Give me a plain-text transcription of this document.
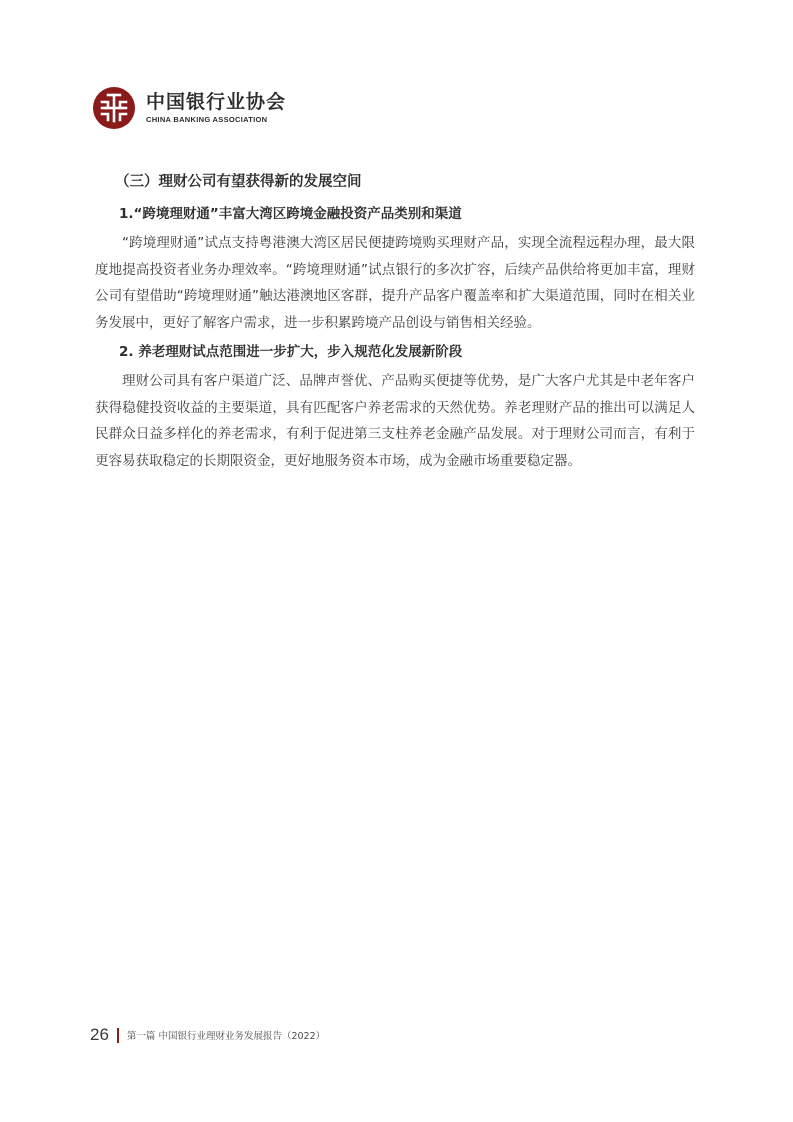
中国银行业协会
CHINA BANKING ASSOCIATION
（三）理财公司有望获得新的发展空间
1.“跨境理财通”丰富大湾区跨境金融投资产品类别和渠道

“跨境理财通”试点支持粤港澳大湾区居民便捷跨境购买理财产品，实现全流程远程办理，最大限度地提高投资者业务办理效率。“跨境理财通”试点银行的多次扩容，后续产品供给将更加丰富，理财公司有望借助“跨境理财通”触达港澳地区客群，提升产品客户覆盖率和扩大渠道范围，同时在相关业务发展中，更好了解客户需求，进一步积累跨境产品创设与销售相关经验。

2. 养老理财试点范围进一步扩大，步入规范化发展新阶段

理财公司具有客户渠道广泛、品牌声誉优、产品购买便捷等优势，是广大客户尤其是中老年客户获得稳健投资收益的主要渠道，具有匹配客户养老需求的天然优势。养老理财产品的推出可以满足人民群众日益多样化的养老需求，有利于促进第三支柱养老金融产品发展。对于理财公司而言，有利于更容易获取稳定的长期限资金，更好地服务资本市场，成为金融市场重要稳定器。

26 第一篇 中国银行业理财业务发展报告（2022）
